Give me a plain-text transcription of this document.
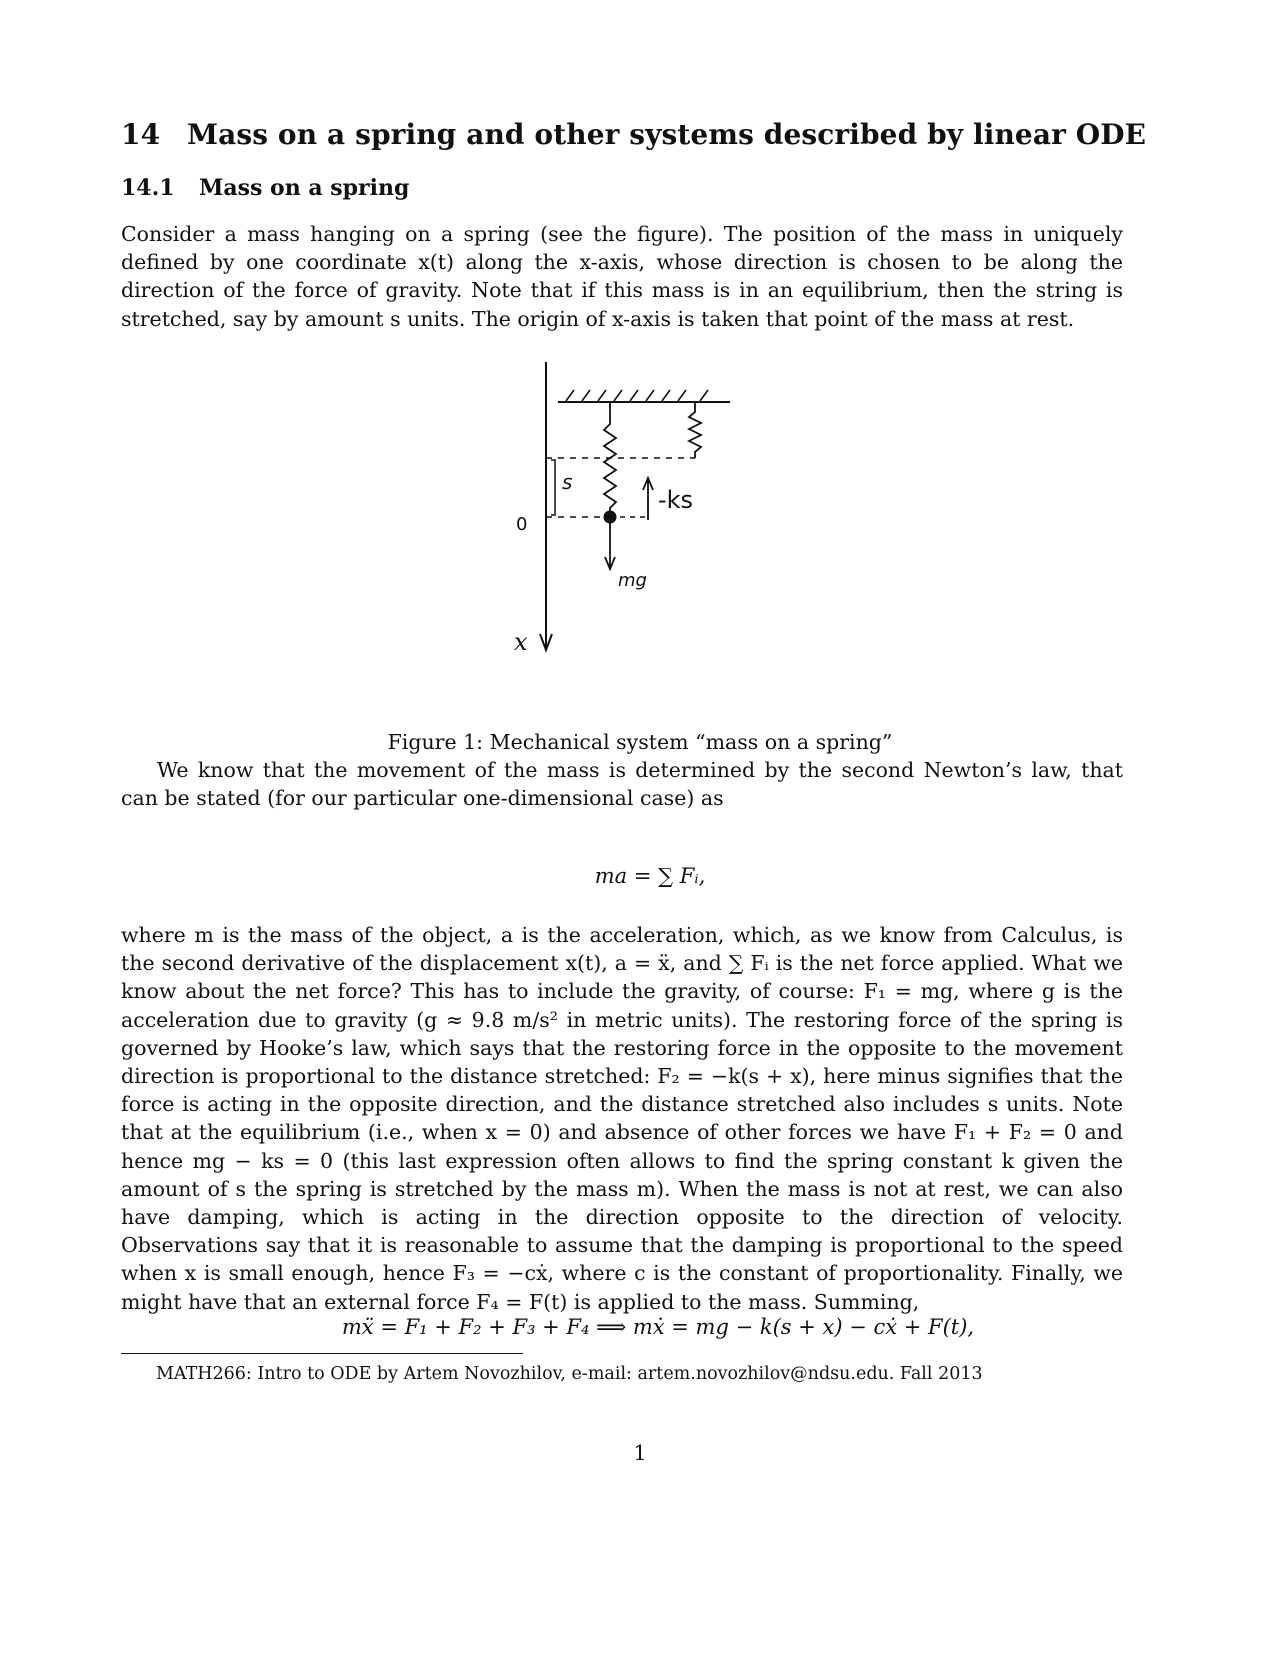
14 Mass on a spring and other systems described by linear ODE
14.1 Mass on a spring
Consider a mass hanging on a spring (see the figure). The position of the mass in uniquely defined by one coordinate x(t) along the x-axis, whose direction is chosen to be along the direction of the force of gravity. Note that if this mass is in an equilibrium, then the string is stretched, say by amount s units. The origin of x-axis is taken that point of the mass at rest.
s
-ks
mg
0
x
Figure 1: Mechanical system “mass on a spring”
We know that the movement of the mass is determined by the second Newton’s law, that can be stated (for our particular one-dimensional case) as
ma = ∑ Fᵢ,
where m is the mass of the object, a is the acceleration, which, as we know from Calculus, is the second derivative of the displacement x(t), a = ẍ, and ∑ Fᵢ is the net force applied. What we know about the net force? This has to include the gravity, of course: F₁ = mg, where g is the acceleration due to gravity (g ≈ 9.8 m/s² in metric units). The restoring force of the spring is governed by Hooke’s law, which says that the restoring force in the opposite to the movement direction is proportional to the distance stretched: F₂ = −k(s + x), here minus signifies that the force is acting in the opposite direction, and the distance stretched also includes s units. Note that at the equilibrium (i.e., when x = 0) and absence of other forces we have F₁ + F₂ = 0 and hence mg − ks = 0 (this last expression often allows to find the spring constant k given the amount of s the spring is stretched by the mass m). When the mass is not at rest, we can also have damping, which is acting in the direction opposite to the direction of velocity. Observations say that it is reasonable to assume that the damping is proportional to the speed when x is small enough, hence F₃ = −cẋ, where c is the constant of proportionality. Finally, we might have that an external force F₄ = F(t) is applied to the mass. Summing,
mẍ = F₁ + F₂ + F₃ + F₄ ⟹ mẋ = mg − k(s + x) − cẋ + F(t),
MATH266: Intro to ODE by Artem Novozhilov, e-mail: artem.novozhilov@ndsu.edu. Fall 2013
1
